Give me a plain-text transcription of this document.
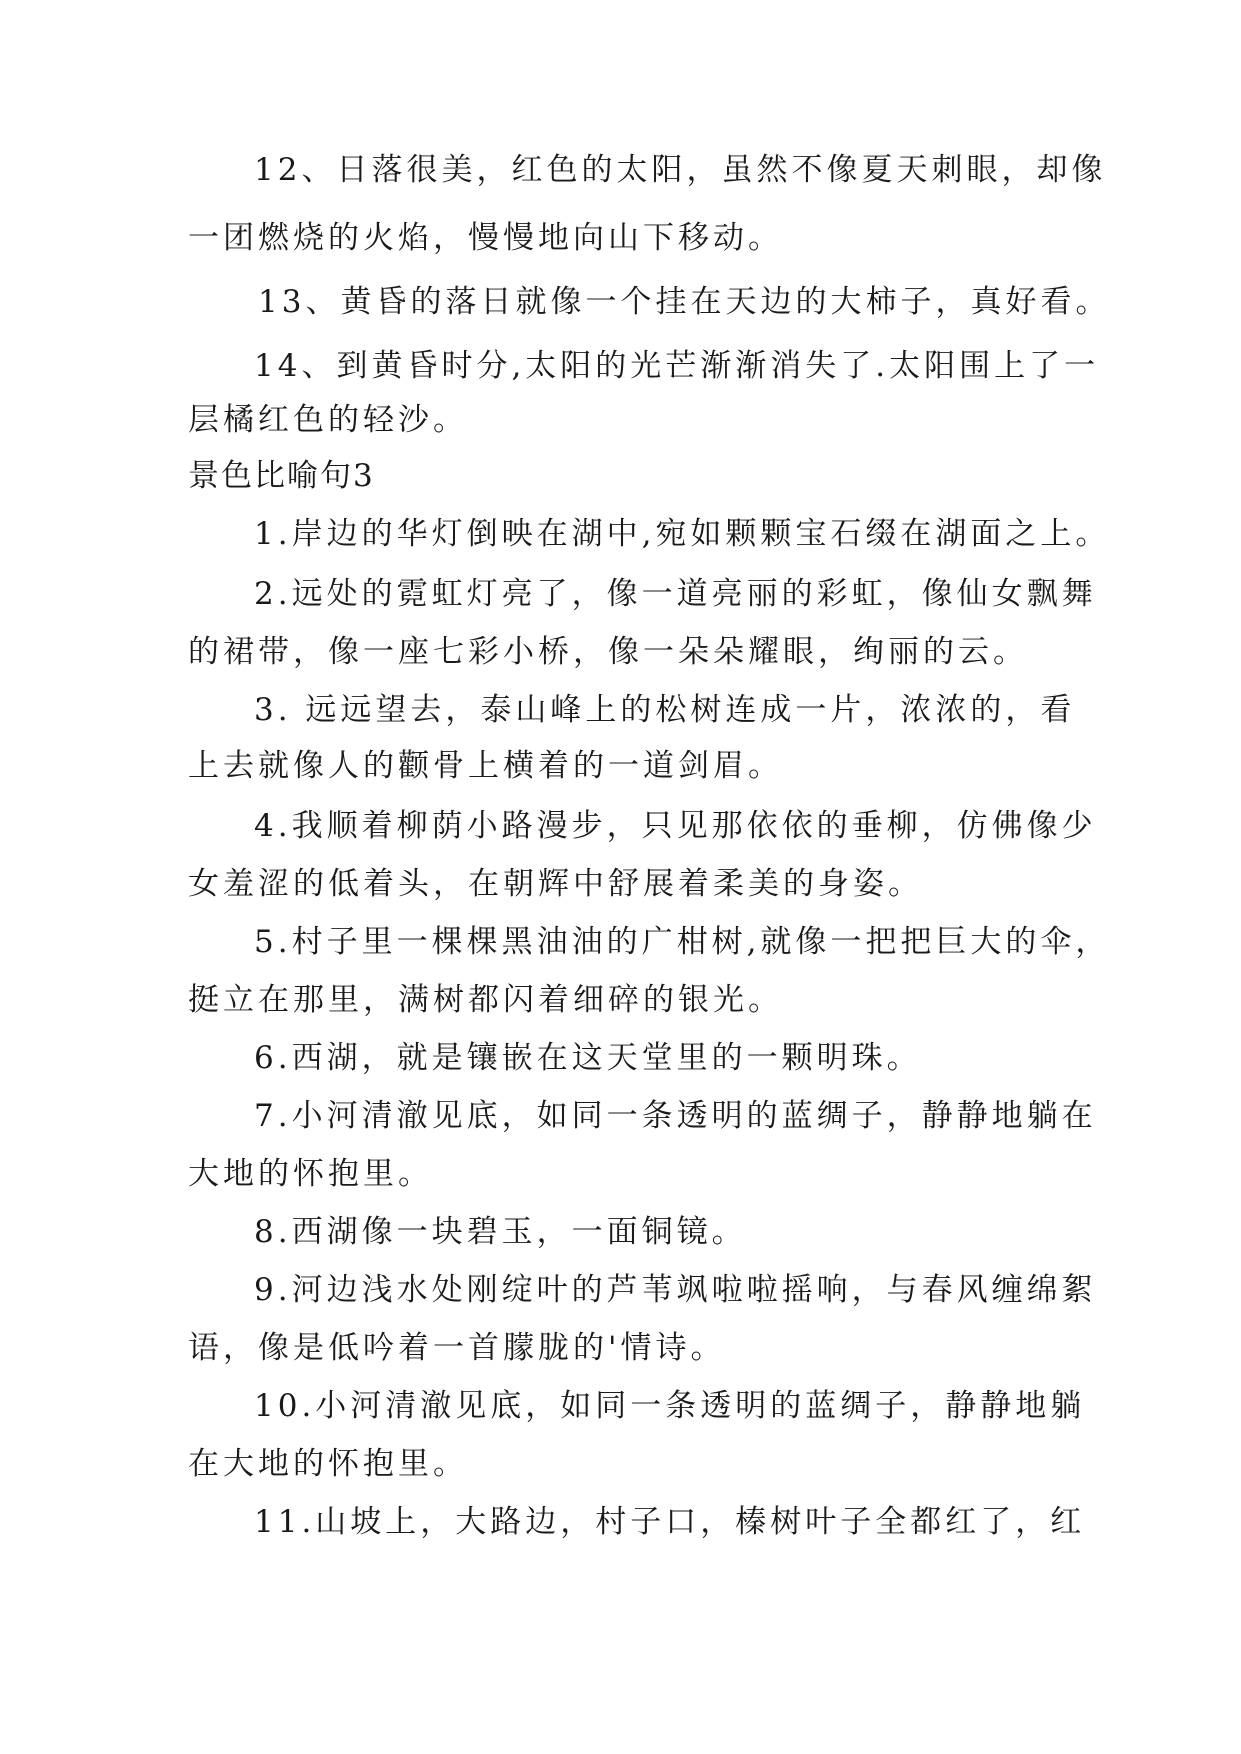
12、日落很美，红色的太阳，虽然不像夏天刺眼，却像
一团燃烧的火焰，慢慢地向山下移动。
13、黄昏的落日就像一个挂在天边的大柿子，真好看。
14、到黄昏时分,太阳的光芒渐渐消失了.太阳围上了一
层橘红色的轻沙。
景色比喻句3
1.岸边的华灯倒映在湖中,宛如颗颗宝石缀在湖面之上。
2.远处的霓虹灯亮了，像一道亮丽的彩虹，像仙女飘舞
的裙带，像一座七彩小桥，像一朵朵耀眼，绚丽的云。
3. 远远望去，泰山峰上的松树连成一片，浓浓的，看
上去就像人的颧骨上横着的一道剑眉。
4.我顺着柳荫小路漫步，只见那依依的垂柳，仿佛像少
女羞涩的低着头，在朝辉中舒展着柔美的身姿。
5.村子里一棵棵黑油油的广柑树,就像一把把巨大的伞，
挺立在那里，满树都闪着细碎的银光。
6.西湖，就是镶嵌在这天堂里的一颗明珠。
7.小河清澈见底，如同一条透明的蓝绸子，静静地躺在
大地的怀抱里。
8.西湖像一块碧玉，一面铜镜。
9.河边浅水处刚绽叶的芦苇飒啦啦摇响，与春风缠绵絮
语，像是低吟着一首朦胧的'情诗。
10.小河清澈见底，如同一条透明的蓝绸子，静静地躺
在大地的怀抱里。
11.山坡上，大路边，村子口，榛树叶子全都红了，红
